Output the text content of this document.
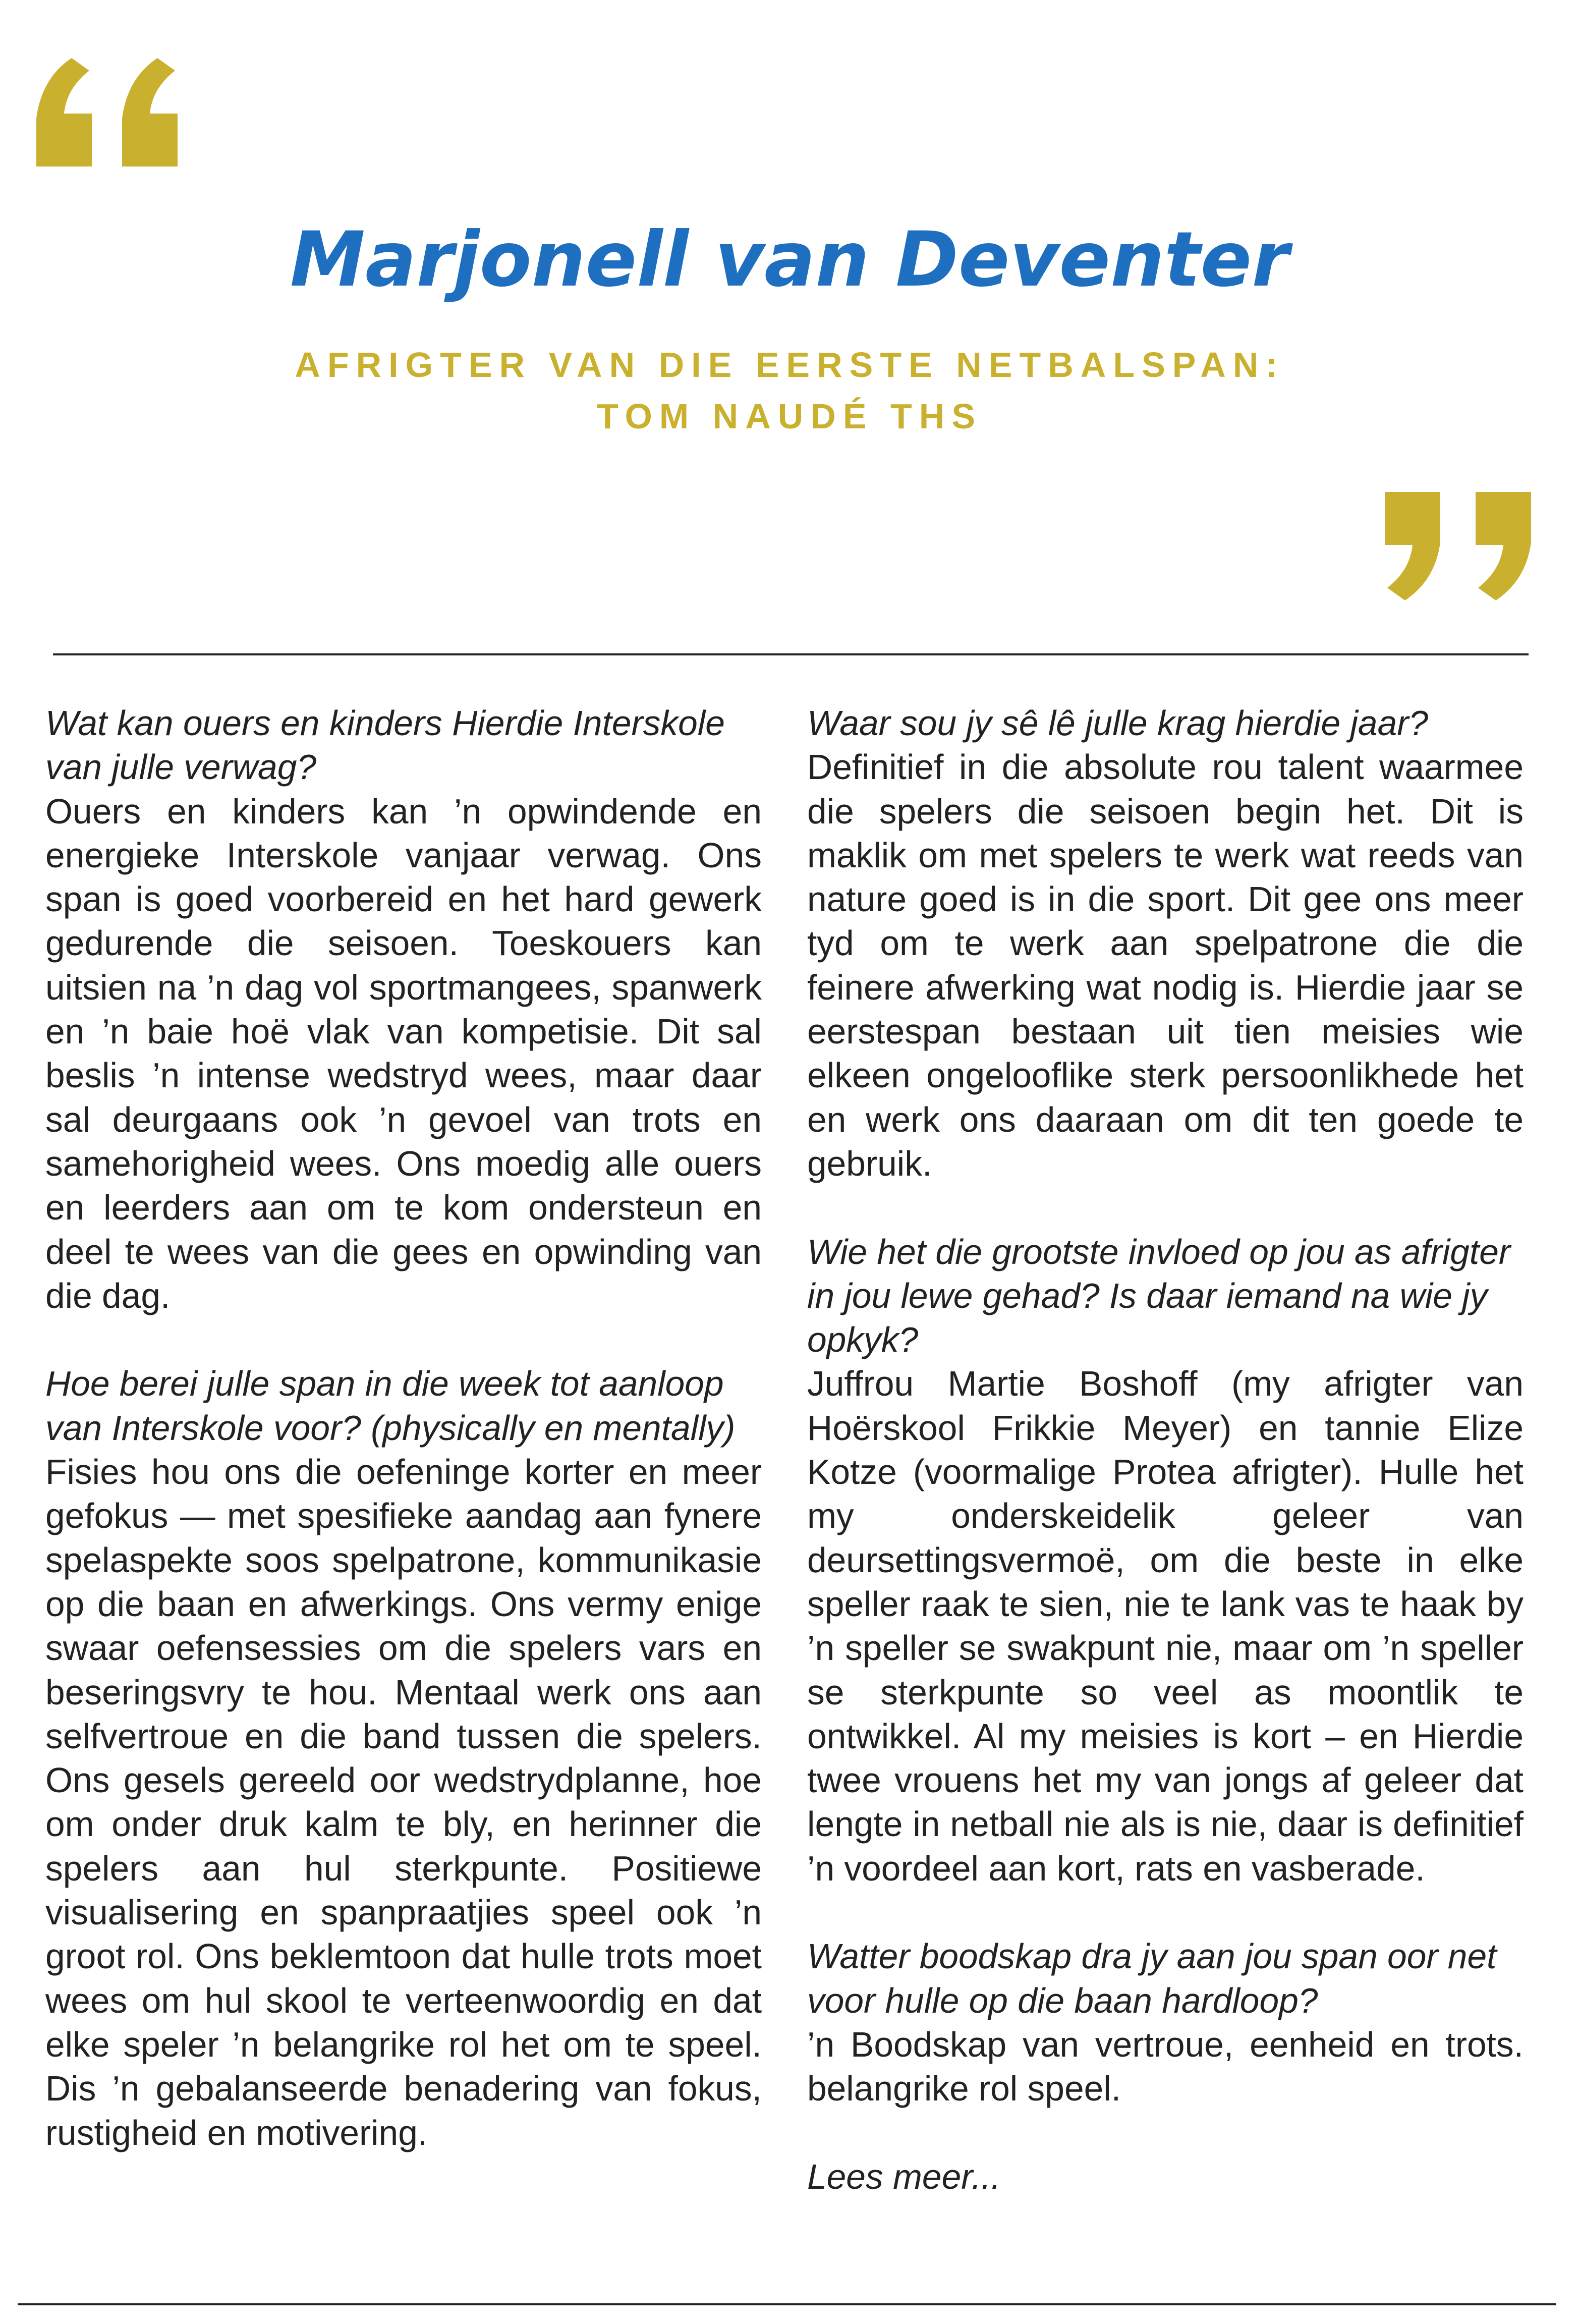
Marjonell van Deventer
AFRIGTER VAN DIE EERSTE NETBALSPAN:
TOM NAUDÉ THS

Wat kan ouers en kinders Hierdie Interskole van julle verwag?

Ouers en kinders kan ’n opwindende en energieke Interskole vanjaar verwag. Ons span is goed voorbereid en het hard gewerk gedurende die seisoen. Toeskouers kan uitsien na ’n dag vol sportmangees, spanwerk en ’n baie hoë vlak van kompetisie. Dit sal beslis ’n intense wedstryd wees, maar daar sal deurgaans ook ’n gevoel van trots en samehorigheid wees. Ons moedig alle ouers en leerders aan om te kom ondersteun en deel te wees van die gees en opwinding van die dag.

Hoe berei julle span in die week tot aanloop van Interskole voor? (physically en mentally)

Fisies hou ons die oefeninge korter en meer gefokus — met spesifieke aandag aan fynere spelaspekte soos spelpatrone, kommunikasie op die baan en afwerkings. Ons vermy enige swaar oefensessies om die spelers vars en beseringsvry te hou. Mentaal werk ons aan selfvertroue en die band tussen die spelers. Ons gesels gereeld oor wedstrydplanne, hoe om onder druk kalm te bly, en herinner die spelers aan hul sterkpunte. Positiewe visualisering en spanpraatjies speel ook ’n groot rol. Ons beklemtoon dat hulle trots moet wees om hul skool te verteenwoordig en dat elke speler ’n belangrike rol het om te speel. Dis ’n gebalanseerde benadering van fokus, rustigheid en motivering.

Waar sou jy sê lê julle krag hierdie jaar?

Definitief in die absolute rou talent waarmee die spelers die seisoen begin het. Dit is maklik om met spelers te werk wat reeds van nature goed is in die sport. Dit gee ons meer tyd om te werk aan spelpatrone die die feinere afwerking wat nodig is. Hierdie jaar se eerstespan bestaan uit tien meisies wie elkeen ongelooflike sterk persoonlikhede het en werk ons daaraan om dit ten goede te gebruik.

Wie het die grootste invloed op jou as afrigter in jou lewe gehad? Is daar iemand na wie jy opkyk?

Juffrou Martie Boshoff (my afrigter van Hoërskool Frikkie Meyer) en tannie Elize Kotze (voormalige Protea afrigter). Hulle het my onderskeidelik geleer van deursettingsvermoë, om die beste in elke speller raak te sien, nie te lank vas te haak by ’n speller se swakpunt nie, maar om ’n speller se sterkpunte so veel as moontlik te ontwikkel. Al my meisies is kort – en Hierdie twee vrouens het my van jongs af geleer dat lengte in netball nie als is nie, daar is definitief ’n voordeel aan kort, rats en vasberade.

Watter boodskap dra jy aan jou span oor net voor hulle op die baan hardloop?

’n Boodskap van vertroue, eenheid en trots. belangrike rol speel.

Lees meer...
